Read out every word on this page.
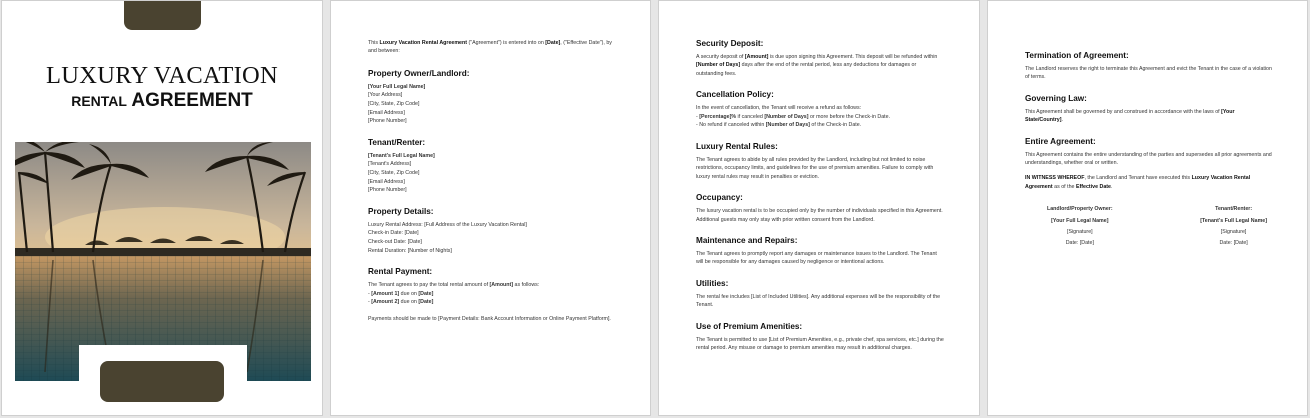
LUXURY VACATION
RENTAL AGREEMENT

This Luxury Vacation Rental Agreement ("Agreement") is entered into on [Date], ("Effective Date"), by and between:

Property Owner/Landlord:

[Your Full Legal Name]
[Your Address]
[City, State, Zip Code]
[Email Address]
[Phone Number]

Tenant/Renter:

[Tenant's Full Legal Name]
[Tenant's Address]
[City, State, Zip Code]
[Email Address]
[Phone Number]

Property Details:

Luxury Rental Address: [Full Address of the Luxury Vacation Rental]
Check-in Date: [Date]
Check-out Date: [Date]
Rental Duration: [Number of Nights]

Rental Payment:

The Tenant agrees to pay the total rental amount of [Amount] as follows:
- [Amount 1] due on [Date]
- [Amount 2] due on [Date]

Payments should be made to [Payment Details: Bank Account Information or Online Payment Platform].

Security Deposit:

A security deposit of [Amount] is due upon signing this Agreement. This deposit will be refunded within [Number of Days] days after the end of the rental period, less any deductions for damages or outstanding fees.

Cancellation Policy:

In the event of cancellation, the Tenant will receive a refund as follows:
- [Percentage]% if canceled [Number of Days] or more before the Check-in Date.
- No refund if canceled within [Number of Days] of the Check-in Date.

Luxury Rental Rules:

The Tenant agrees to abide by all rules provided by the Landlord, including but not limited to noise restrictions, occupancy limits, and guidelines for the use of premium amenities. Failure to comply with luxury rental rules may result in penalties or eviction.

Occupancy:

The luxury vacation rental is to be occupied only by the number of individuals specified in this Agreement. Additional guests may only stay with prior written consent from the Landlord.

Maintenance and Repairs:

The Tenant agrees to promptly report any damages or maintenance issues to the Landlord. The Tenant will be responsible for any damages caused by negligence or intentional actions.

Utilities:

The rental fee includes [List of Included Utilities]. Any additional expenses will be the responsibility of the Tenant.

Use of Premium Amenities:

The Tenant is permitted to use [List of Premium Amenities, e.g., private chef, spa services, etc.] during the rental period. Any misuse or damage to premium amenities may result in additional charges.

Termination of Agreement:

The Landlord reserves the right to terminate this Agreement and evict the Tenant in the case of a violation of terms.

Governing Law:

This Agreement shall be governed by and construed in accordance with the laws of [Your State/Country].

Entire Agreement:

This Agreement contains the entire understanding of the parties and supersedes all prior agreements and understandings, whether oral or written.

IN WITNESS WHEREOF, the Landlord and Tenant have executed this Luxury Vacation Rental Agreement as of the Effective Date.

Landlord/Property Owner:
[Your Full Legal Name]
[Signature]
Date: [Date]
Tenant/Renter:
[Tenant's Full Legal Name]
[Signature]
Date: [Date]
